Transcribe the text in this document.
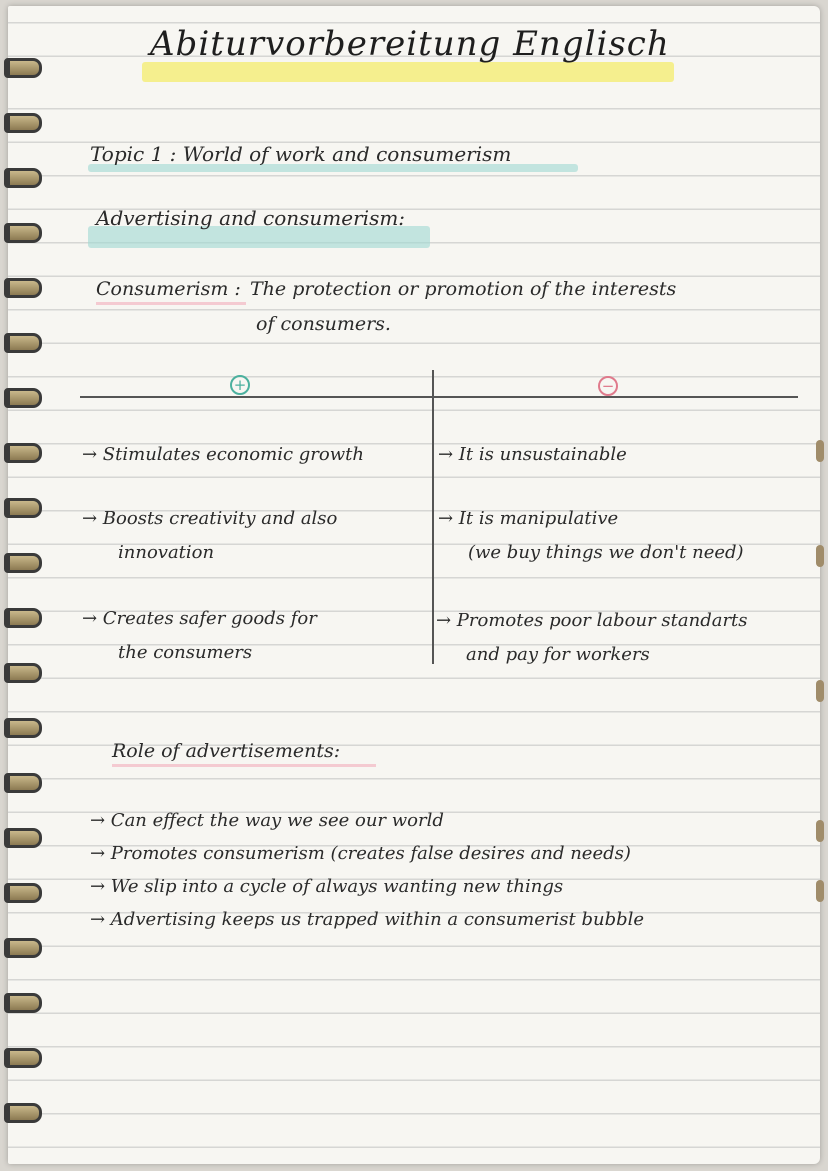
Abiturvorbereitung Englisch
Topic 1 : World of work and consumerism
Advertising and consumerism:
Consumerism : The protection or promotion of the interests
of consumers.
+	−
→ Stimulates economic growth
→ Boosts creativity and also
innovation
→ Creates safer goods for
the consumers
→ It is unsustainable
→ It is manipulative
(we buy things we don't need)
→ Promotes poor labour standarts
and pay for workers
Role of advertisements:
→ Can effect the way we see our world
→ Promotes consumerism (creates false desires and needs)
→ We slip into a cycle of always wanting new things
→ Advertising keeps us trapped within a consumerist bubble
